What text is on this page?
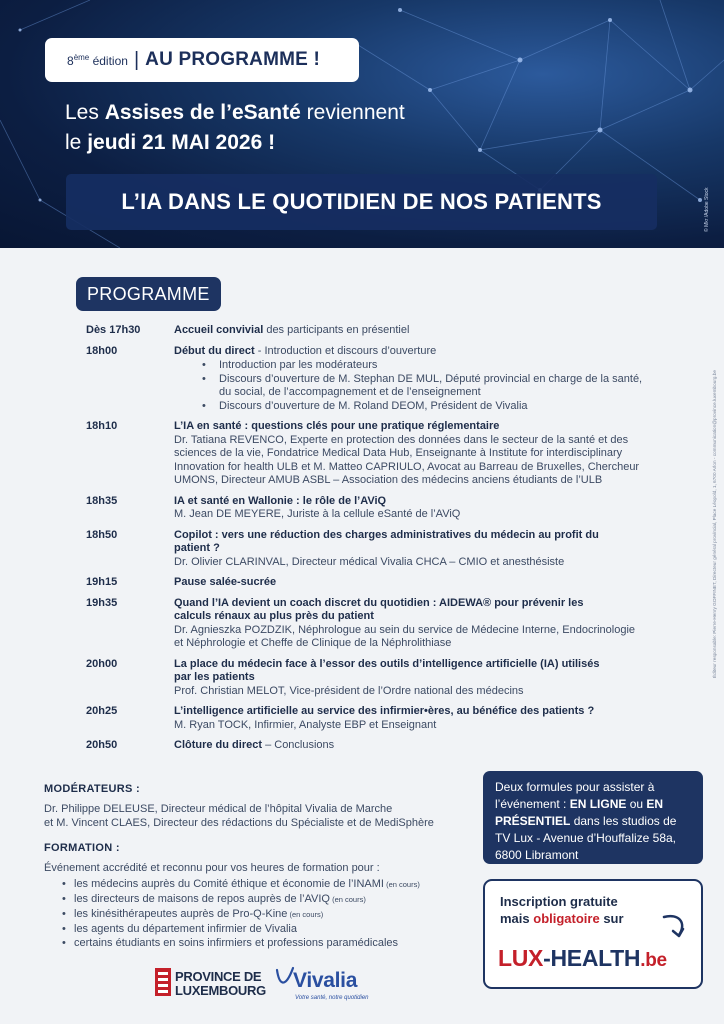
8ème édition | AU PROGRAMME !
Les Assises de l’eSanté reviennent
le jeudi 21 MAI 2026 !
L’IA DANS LE QUOTIDIEN DE NOS PATIENTS	© Mkr /Adobe Stock
Éditeur responsable: Pierre-Henry GOFFINET, Directeur général provincial, Place Léopold, 1, 6700 Arlon - communication@province.luxembourg.be
PROGRAMME
Dès 17h30	Accueil convivial des participants en présentiel
18h00	Début du direct - Introduction et discours d’ouverture
• Introduction par les modérateurs
• Discours d’ouverture de M. Stephan DE MUL, Député provincial en charge de la santé, du social, de l’accompagnement et de l’enseignement
• Discours d’ouverture de M. Roland DEOM, Président de Vivalia
18h10	L’IA en santé : questions clés pour une pratique réglementaire
Dr. Tatiana REVENCO, Experte en protection des données dans le secteur de la santé et des sciences de la vie, Fondatrice Medical Data Hub, Enseignante à Institute for interdisciplinary Innovation for health ULB et M. Matteo CAPRIULO, Avocat au Barreau de Bruxelles, Chercheur UMONS, Directeur AMUB ASBL – Association des médecins anciens étudiants de l’ULB
18h35	IA et santé en Wallonie : le rôle de l’AViQ
M. Jean DE MEYERE, Juriste à la cellule eSanté de l’AViQ
18h50	Copilot : vers une réduction des charges administratives du médecin au profit du patient ?
Dr. Olivier CLARINVAL, Directeur médical Vivalia CHCA – CMIO et anesthésiste
19h15	Pause salée-sucrée
19h35	Quand l’IA devient un coach discret du quotidien : AIDEWA® pour prévenir les calculs rénaux au plus près du patient
Dr. Agnieszka POZDZIK, Néphrologue au sein du service de Médecine Interne, Endocrinologie et Néphrologie et Cheffe de Clinique de la Néphrolithiase
20h00	La place du médecin face à l’essor des outils d’intelligence artificielle (IA) utilisés par les patients
Prof. Christian MELOT, Vice-président de l’Ordre national des médecins
20h25	L’intelligence artificielle au service des infirmier•ères, au bénéfice des patients ?
M. Ryan TOCK, Infirmier, Analyste EBP et Enseignant
20h50	Clôture du direct – Conclusions
MODÉRATEURS :
Dr. Philippe DELEUSE, Directeur médical de l’hôpital Vivalia de Marche
et M. Vincent CLAES, Directeur des rédactions du Spécialiste et de MediSphère
FORMATION :
Événement accrédité et reconnu pour vos heures de formation pour :
• les médecins auprès du Comité éthique et économie de l’INAMI (en cours)
• les directeurs de maisons de repos auprès de l’AVIQ (en cours)
• les kinésithérapeutes auprès de Pro-Q-Kine (en cours)
• les agents du département infirmier de Vivalia
• certains étudiants en soins infirmiers et professions paramédicales
Deux formules pour assister à l’événement : EN LIGNE ou EN PRÉSENTIEL dans les studios de TV Lux - Avenue d’Houffalize 58a, 6800 Libramont
Inscription gratuite
mais obligatoire sur
LUX-HEALTH.be
PROVINCE DE
LUXEMBOURG Vivalia
Votre santé, notre quotidien
